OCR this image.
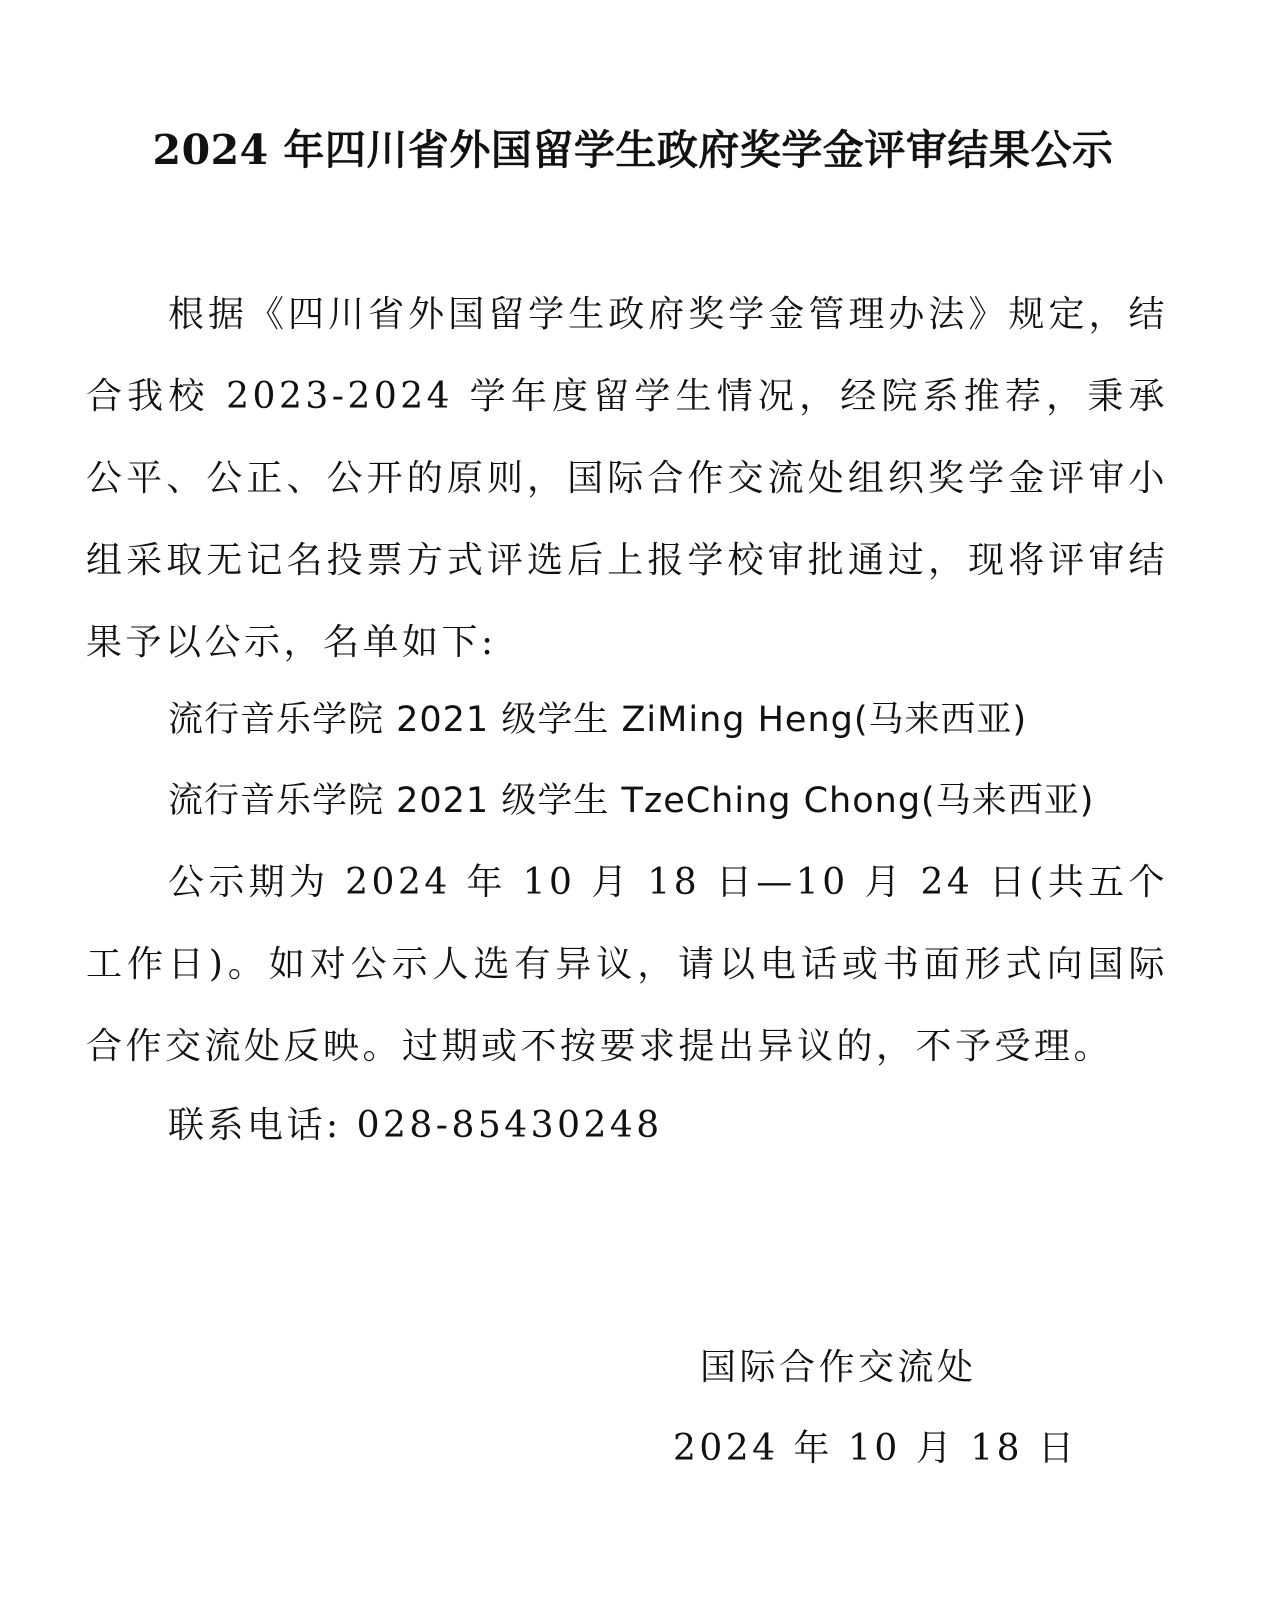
2024 年四川省外国留学生政府奖学金评审结果公示

根据《四川省外国留学生政府奖学金管理办法》规定，结合我校 2023-2024 学年度留学生情况，经院系推荐，秉承公平、公正、公开的原则，国际合作交流处组织奖学金评审小组采取无记名投票方式评选后上报学校审批通过，现将评审结果予以公示，名单如下:

流行音乐学院 2021 级学生 ZiMing Heng(马来西亚)

流行音乐学院 2021 级学生 TzeChing Chong(马来西亚)

公示期为 2024 年 10 月 18 日—10 月 24 日(共五个工作日)。如对公示人选有异议，请以电话或书面形式向国际合作交流处反映。过期或不按要求提出异议的，不予受理。

联系电话: 028-85430248

国际合作交流处

2024 年 10 月 18 日
